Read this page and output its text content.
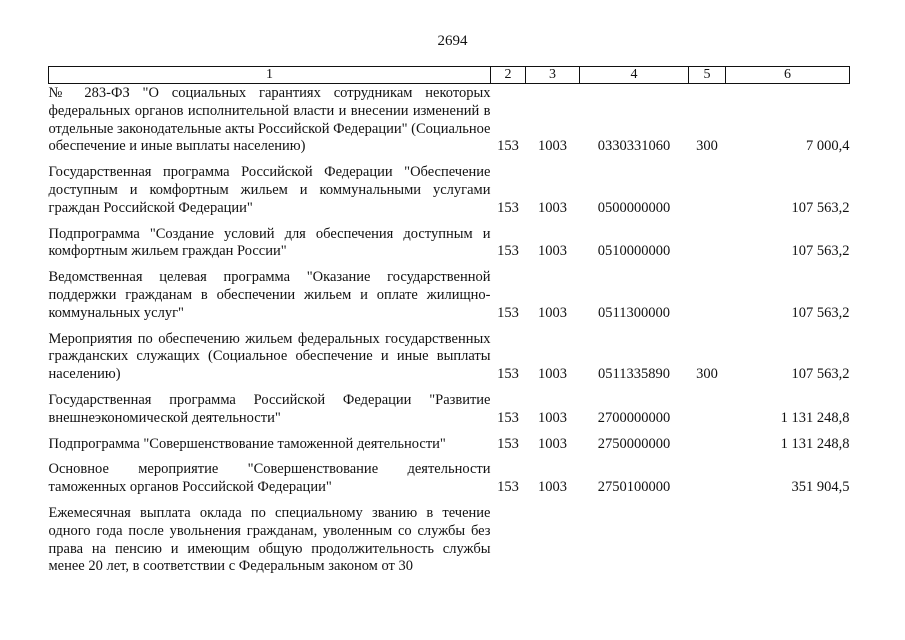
2694
1	2	3	4	5	6
№ 283-ФЗ "О социальных гарантиях сотрудникам некоторых федеральных органов исполнительной власти и внесении изменений в отдельные законодательные акты Российской Федерации" (Социальное обеспечение и иные выплаты населению)	153	1003	0330331060	300	7 000,4

Государственная программа Российской Федерации "Обеспечение доступным и комфортным жильем и коммунальными услугами граждан Российской Федерации"	153	1003	0500000000		107 563,2

Подпрограмма "Создание условий для обеспечения доступным и комфортным жильем граждан России"	153	1003	0510000000		107 563,2

Ведомственная целевая программа "Оказание государственной поддержки гражданам в обеспечении жильем и оплате жилищно-коммунальных услуг"	153	1003	0511300000		107 563,2

Мероприятия по обеспечению жильем федеральных государственных гражданских служащих (Социальное обеспечение и иные выплаты населению)	153	1003	0511335890	300	107 563,2

Государственная программа Российской Федерации "Развитие внешнеэкономической деятельности"	153	1003	2700000000		1 131 248,8

Подпрограмма "Совершенствование таможенной деятельности"	153	1003	2750000000		1 131 248,8

Основное мероприятие "Совершенствование деятельности таможенных органов Российской Федерации"	153	1003	2750100000		351 904,5

Ежемесячная выплата оклада по специальному званию в течение одного года после увольнения гражданам, уволенным со службы без права на пенсию и имеющим общую продолжительность службы менее 20 лет, в соответствии с Федеральным законом от 30					
